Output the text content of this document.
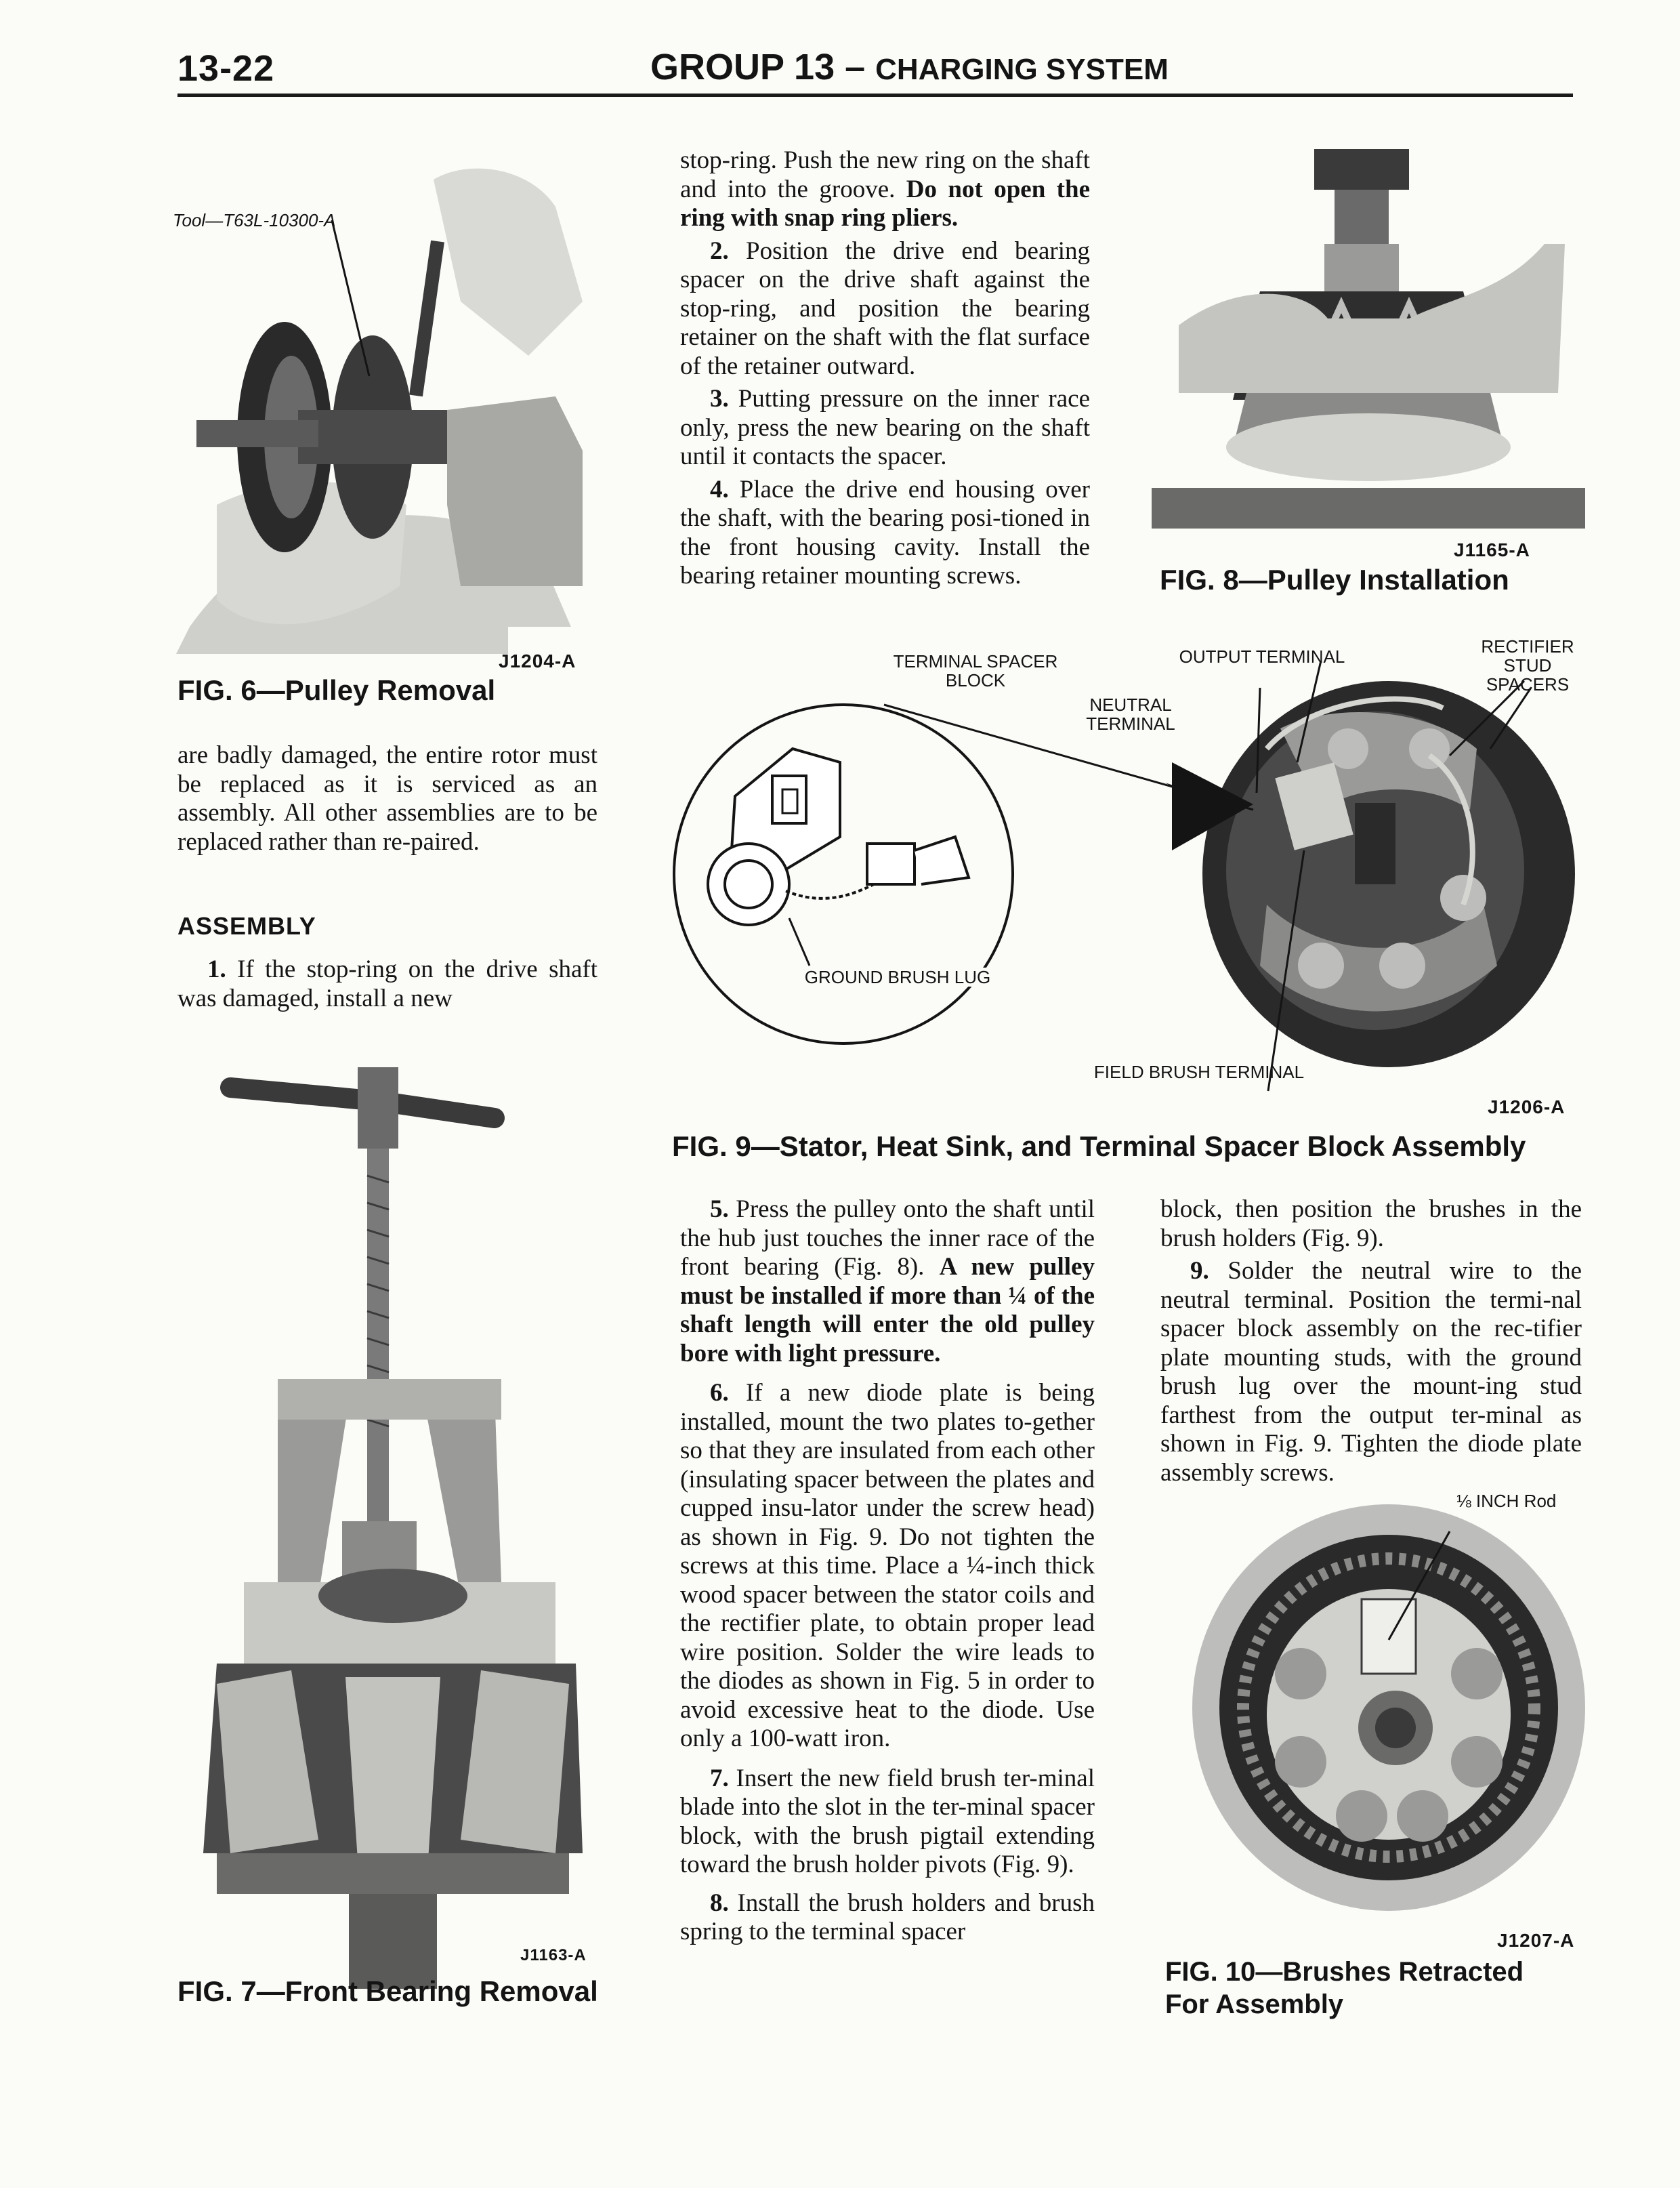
13-22	GROUP 13 – CHARGING SYSTEM
Tool—T63L-10300-A
J1204-A
FIG. 6—Pulley Removal

are badly damaged, the entire rotor must be replaced as it is serviced as an assembly. All other assemblies are to be replaced rather than re-paired.

ASSEMBLY

1. If the stop-ring on the drive shaft was damaged, install a new

J1163-A
FIG. 7—Front Bearing Removal

stop-ring. Push the new ring on the shaft and into the groove. Do not open the ring with snap ring pliers.

2. Position the drive end bearing spacer on the drive shaft against the stop-ring, and position the bearing retainer on the shaft with the flat surface of the retainer outward.

3. Putting pressure on the inner race only, press the new bearing on the shaft until it contacts the spacer.

4. Place the drive end housing over the shaft, with the bearing posi-tioned in the front housing cavity. Install the bearing retainer mounting screws.

J1165-A
FIG. 8—Pulley Installation
TERMINAL SPACER
BLOCK
OUTPUT TERMINAL	RECTIFIER
STUD
SPACERS
NEUTRAL
TERMINAL
GROUND BRUSH LUG
FIELD BRUSH TERMINAL
J1206-A
FIG. 9—Stator, Heat Sink, and Terminal Spacer Block Assembly

5. Press the pulley onto the shaft until the hub just touches the inner race of the front bearing (Fig. 8). A new pulley must be installed if more than ¼ of the shaft length will enter the old pulley bore with light pressure.

6. If a new diode plate is being installed, mount the two plates to-gether so that they are insulated from each other (insulating spacer between the plates and cupped insu-lator under the screw head) as shown in Fig. 9. Do not tighten the screws at this time. Place a ¼-inch thick wood spacer between the stator coils and the rectifier plate, to obtain proper lead wire position. Solder the wire leads to the diodes as shown in Fig. 5 in order to avoid excessive heat to the diode. Use only a 100-watt iron.

7. Insert the new field brush ter-minal blade into the slot in the ter-minal spacer block, with the brush pigtail extending toward the brush holder pivots (Fig. 9).

8. Install the brush holders and brush spring to the terminal spacer

block, then position the brushes in the brush holders (Fig. 9).

9. Solder the neutral wire to the neutral terminal. Position the termi-nal spacer block assembly on the rec-tifier plate mounting studs, with the ground brush lug over the mount-ing stud farthest from the output ter-minal as shown in Fig. 9. Tighten the diode plate assembly screws.

⅛ INCH Rod
J1207-A
FIG. 10—Brushes Retracted
For Assembly
